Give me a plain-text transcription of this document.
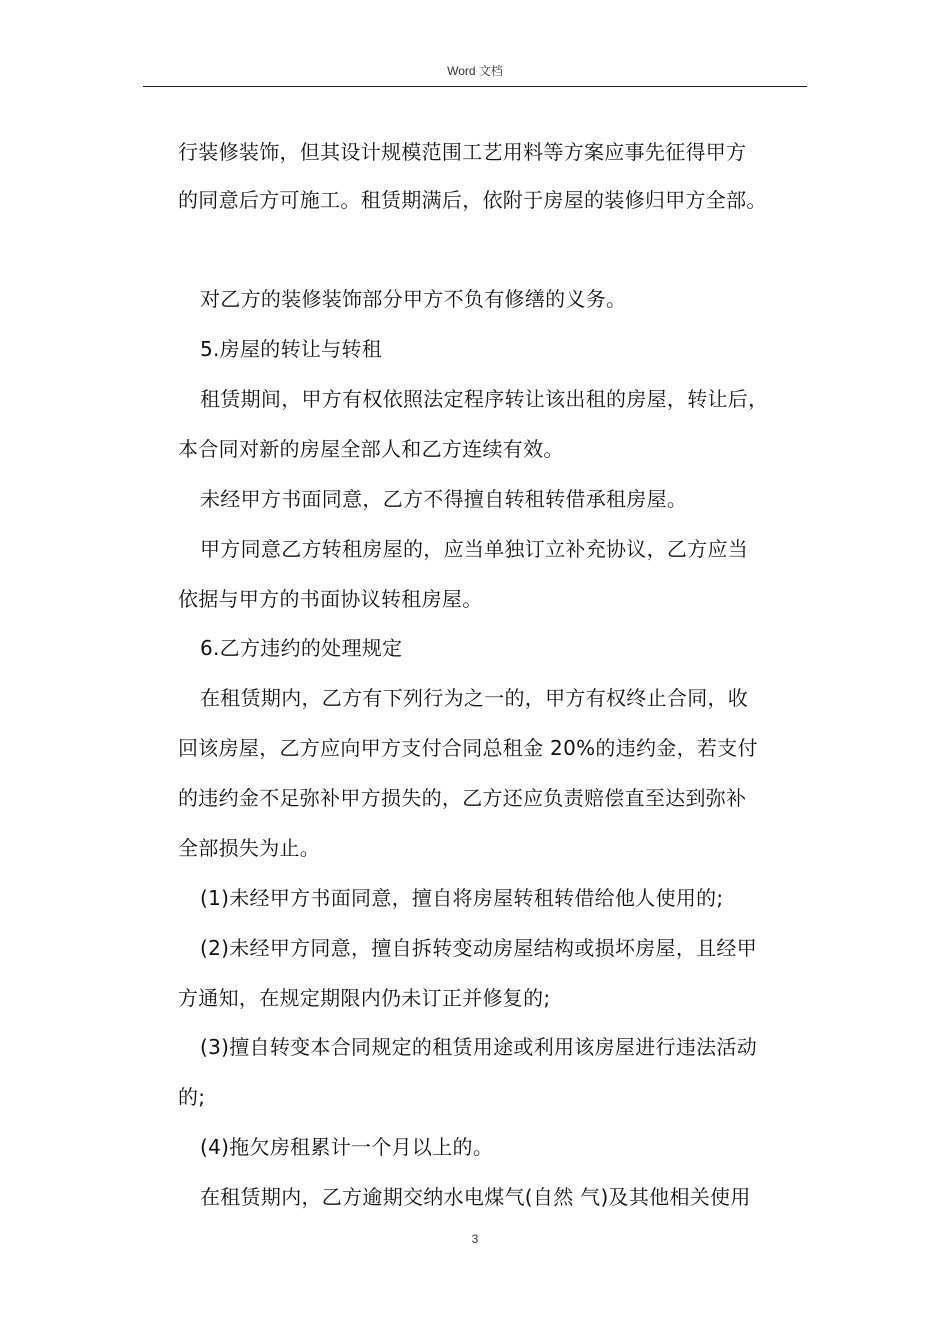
Word 文档
行装修装饰，但其设计规模范围工艺用料等方案应事先征得甲方
的同意后方可施工。租赁期满后，依附于房屋的装修归甲方全部。
对乙方的装修装饰部分甲方不负有修缮的义务。
5.房屋的转让与转租
租赁期间，甲方有权依照法定程序转让该出租的房屋，转让后，
本合同对新的房屋全部人和乙方连续有效。
未经甲方书面同意，乙方不得擅自转租转借承租房屋。
甲方同意乙方转租房屋的，应当单独订立补充协议，乙方应当
依据与甲方的书面协议转租房屋。
6.乙方违约的处理规定
在租赁期内，乙方有下列行为之一的，甲方有权终止合同，收
回该房屋，乙方应向甲方支付合同总租金 20%的违约金，若支付
的违约金不足弥补甲方损失的，乙方还应负责赔偿直至达到弥补
全部损失为止。
(1)未经甲方书面同意，擅自将房屋转租转借给他人使用的;
(2)未经甲方同意，擅自拆转变动房屋结构或损坏房屋，且经甲
方通知，在规定期限内仍未订正并修复的;
(3)擅自转变本合同规定的租赁用途或利用该房屋进行违法活动
的;
(4)拖欠房租累计一个月以上的。
在租赁期内，乙方逾期交纳水电煤气(自然 气)及其他相关使用
3
